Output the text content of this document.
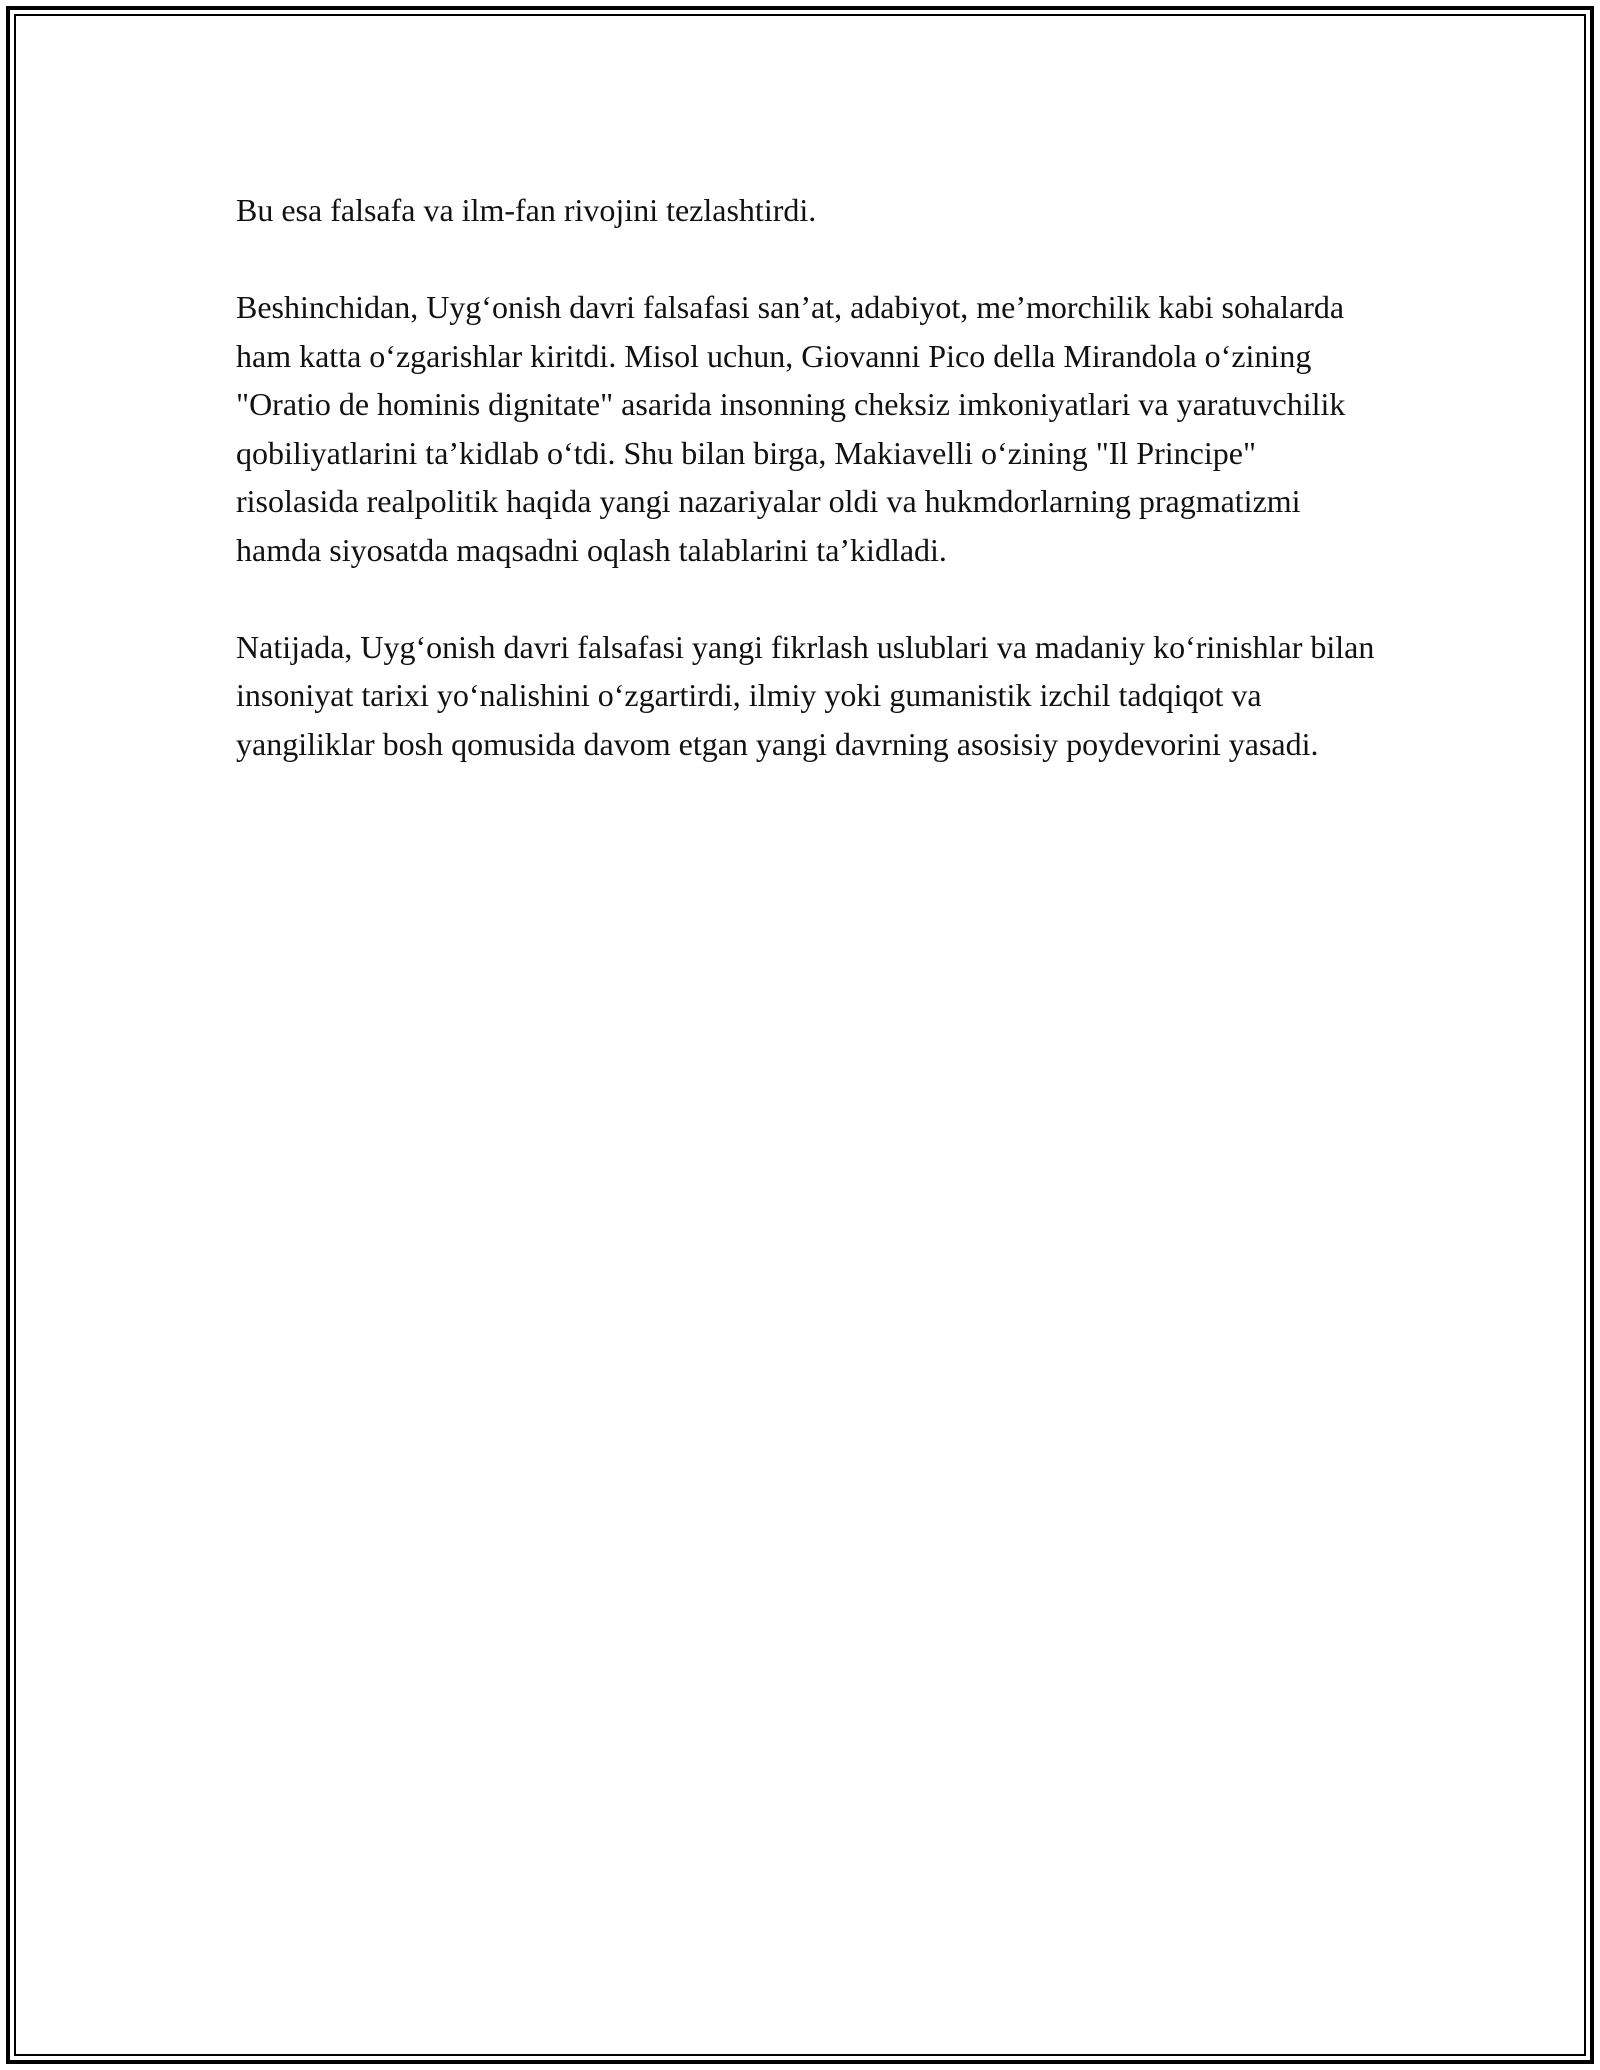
Bu esa falsafa va ilm-fan rivojini tezlashtirdi.

Beshinchidan, Uyg‘onish davri falsafasi san’at, adabiyot, me’morchilik kabi sohalarda ham katta o‘zgarishlar kiritdi. Misol uchun, Giovanni Pico della Mirandola o‘zining "Oratio de hominis dignitate" asarida insonning cheksiz imkoniyatlari va yaratuvchilik qobiliyatlarini ta’kidlab o‘tdi. Shu bilan birga, Makiavelli o‘zining "Il Principe" risolasida realpolitik haqida yangi nazariyalar oldi va hukmdorlarning pragmatizmi hamda siyosatda maqsadni oqlash talablarini ta’kidladi.

Natijada, Uyg‘onish davri falsafasi yangi fikrlash uslublari va madaniy ko‘rinishlar bilan insoniyat tarixi yo‘nalishini o‘zgartirdi, ilmiy yoki gumanistik izchil tadqiqot va yangiliklar bosh qomusida davom etgan yangi davrning asosisiy poydevorini yasadi.
